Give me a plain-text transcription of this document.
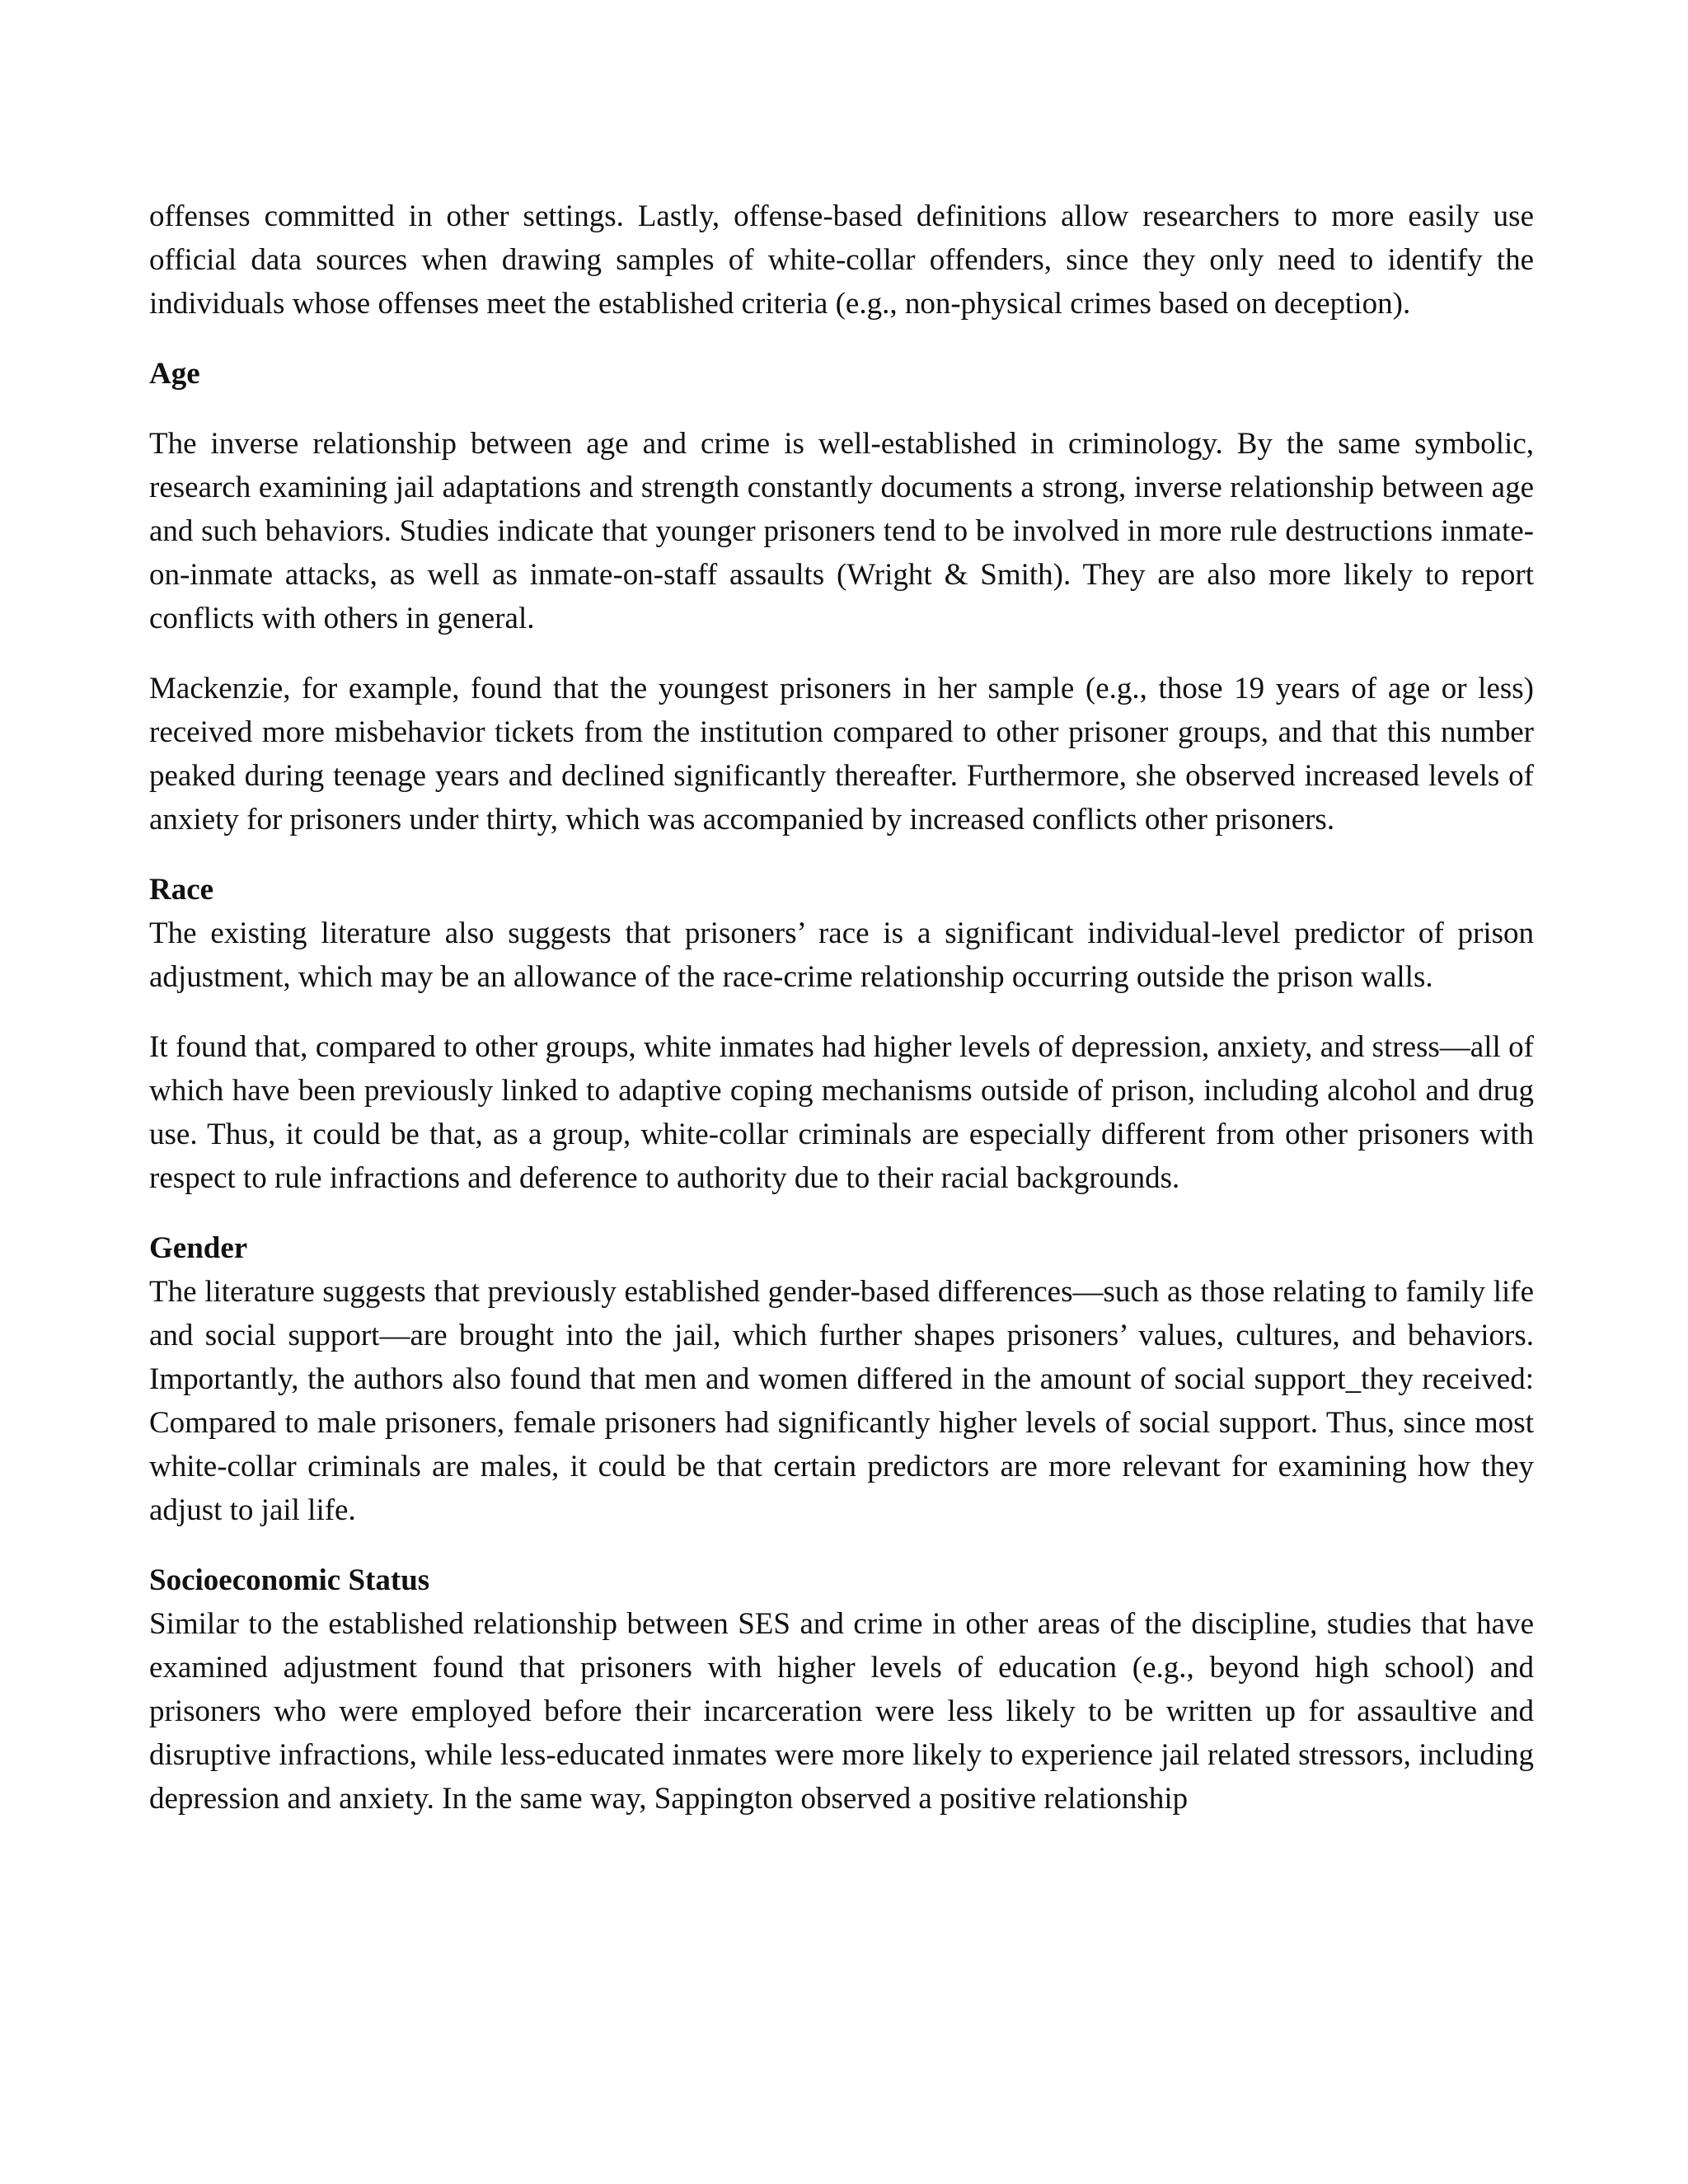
offenses committed in other settings. Lastly, offense-based definitions allow researchers to more easily use official data sources when drawing samples of white-collar offenders, since they only need to identify the individuals whose offenses meet the established criteria (e.g., non-physical crimes based on deception).

Age

The inverse relationship between age and crime is well-established in criminology. By the same symbolic, research examining jail adaptations and strength constantly documents a strong, inverse relationship between age and such behaviors. Studies indicate that younger prisoners tend to be involved in more rule destructions inmate-on-inmate attacks, as well as inmate-on-staff assaults (Wright & Smith). They are also more likely to report conflicts with others in general.

Mackenzie, for example, found that the youngest prisoners in her sample (e.g., those 19 years of age or less) received more misbehavior tickets from the institution compared to other prisoner groups, and that this number peaked during teenage years and declined significantly thereafter. Furthermore, she observed increased levels of anxiety for prisoners under thirty, which was accompanied by increased conflicts other prisoners.

Race

The existing literature also suggests that prisoners’ race is a significant individual-level predictor of prison adjustment, which may be an allowance of the race-crime relationship occurring outside the prison walls.

It found that, compared to other groups, white inmates had higher levels of depression, anxiety, and stress—all of which have been previously linked to adaptive coping mechanisms outside of prison, including alcohol and drug use. Thus, it could be that, as a group, white-collar criminals are especially different from other prisoners with respect to rule infractions and deference to authority due to their racial backgrounds.

Gender

The literature suggests that previously established gender-based differences—such as those relating to family life and social support—are brought into the jail, which further shapes prisoners’ values, cultures, and behaviors. Importantly, the authors also found that men and women differed in the amount of social support_they received: Compared to male prisoners, female prisoners had significantly higher levels of social support. Thus, since most white-collar criminals are males, it could be that certain predictors are more relevant for examining how they adjust to jail life.

Socioeconomic Status

Similar to the established relationship between SES and crime in other areas of the discipline, studies that have examined adjustment found that prisoners with higher levels of education (e.g., beyond high school) and prisoners who were employed before their incarceration were less likely to be written up for assaultive and disruptive infractions, while less-educated inmates were more likely to experience jail related stressors, including depression and anxiety. In the same way, Sappington observed a positive relationship
